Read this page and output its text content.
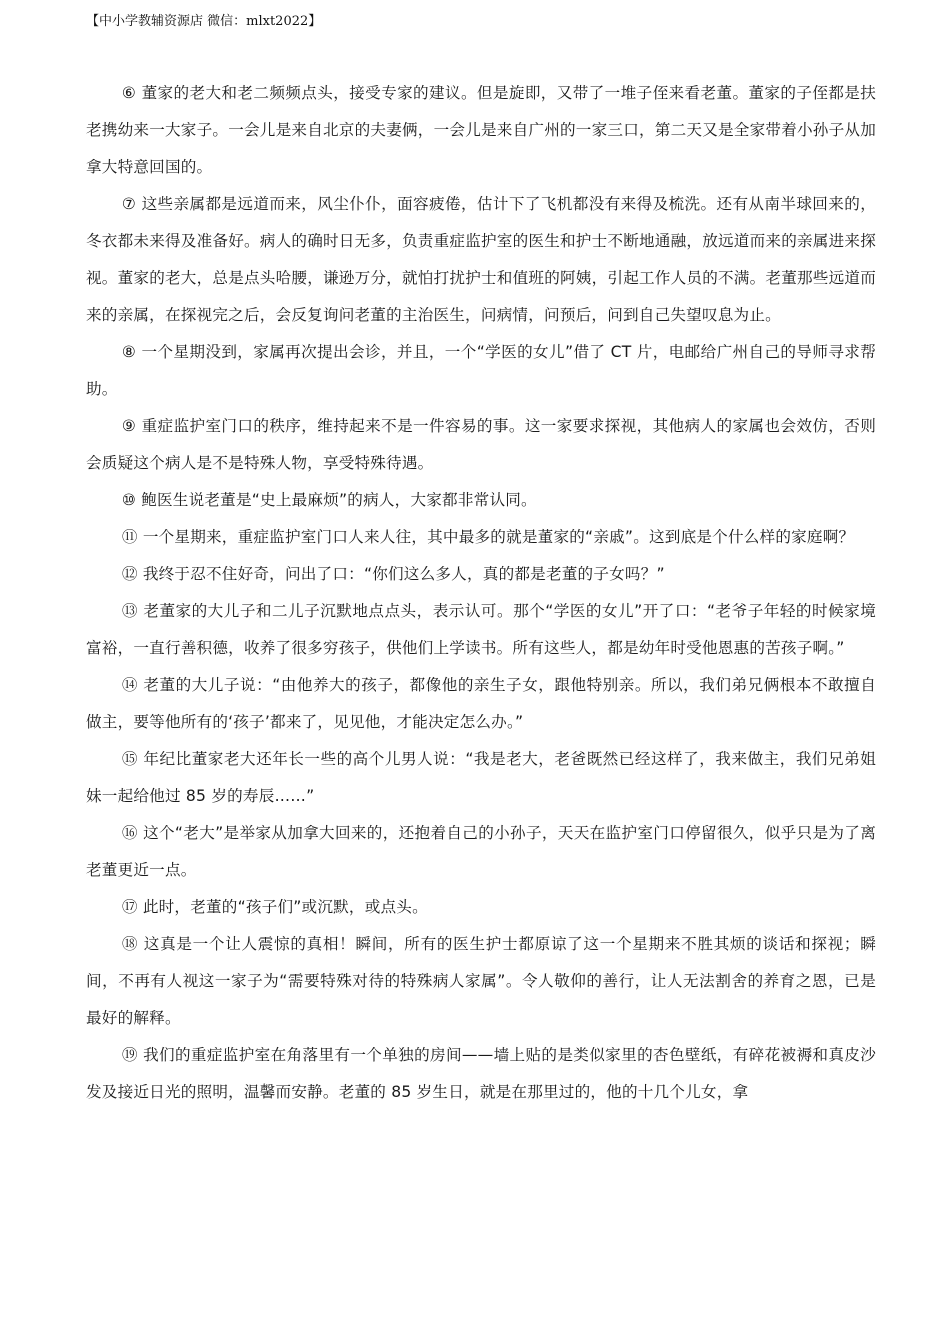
【中小学教辅资源店 微信：mlxt2022】

⑥ 董家的老大和老二频频点头，接受专家的建议。但是旋即，又带了一堆子侄来看老董。董家的子侄都是扶老携幼来一大家子。一会儿是来自北京的夫妻俩，一会儿是来自广州的一家三口，第二天又是全家带着小孙子从加拿大特意回国的。

⑦ 这些亲属都是远道而来，风尘仆仆，面容疲倦，估计下了飞机都没有来得及梳洗。还有从南半球回来的，冬衣都未来得及准备好。病人的确时日无多，负责重症监护室的医生和护士不断地通融，放远道而来的亲属进来探视。董家的老大，总是点头哈腰，谦逊万分，就怕打扰护士和值班的阿姨，引起工作人员的不满。老董那些远道而来的亲属，在探视完之后，会反复询问老董的主治医生，问病情，问预后，问到自己失望叹息为止。

⑧ 一个星期没到，家属再次提出会诊，并且，一个“学医的女儿”借了 CT 片，电邮给广州自己的导师寻求帮助。

⑨ 重症监护室门口的秩序，维持起来不是一件容易的事。这一家要求探视，其他病人的家属也会效仿，否则会质疑这个病人是不是特殊人物，享受特殊待遇。

⑩ 鲍医生说老董是“史上最麻烦”的病人，大家都非常认同。

⑪ 一个星期来，重症监护室门口人来人往，其中最多的就是董家的“亲戚”。这到底是个什么样的家庭啊？

⑫ 我终于忍不住好奇，问出了口：“你们这么多人，真的都是老董的子女吗？”

⑬ 老董家的大儿子和二儿子沉默地点点头，表示认可。那个“学医的女儿”开了口：“老爷子年轻的时候家境富裕，一直行善积德，收养了很多穷孩子，供他们上学读书。所有这些人，都是幼年时受他恩惠的苦孩子啊。”

⑭ 老董的大儿子说：“由他养大的孩子，都像他的亲生子女，跟他特别亲。所以，我们弟兄俩根本不敢擅自做主，要等他所有的‘孩子’都来了，见见他，才能决定怎么办。”

⑮ 年纪比董家老大还年长一些的高个儿男人说：“我是老大，老爸既然已经这样了，我来做主，我们兄弟姐妹一起给他过 85 岁的寿辰……”

⑯ 这个“老大”是举家从加拿大回来的，还抱着自己的小孙子，天天在监护室门口停留很久，似乎只是为了离老董更近一点。

⑰ 此时，老董的“孩子们”或沉默，或点头。

⑱ 这真是一个让人震惊的真相！瞬间，所有的医生护士都原谅了这一个星期来不胜其烦的谈话和探视；瞬间，不再有人视这一家子为“需要特殊对待的特殊病人家属”。令人敬仰的善行，让人无法割舍的养育之恩，已是最好的解释。

⑲ 我们的重症监护室在角落里有一个单独的房间——墙上贴的是类似家里的杏色壁纸，有碎花被褥和真皮沙发及接近日光的照明，温馨而安静。老董的 85 岁生日，就是在那里过的，他的十几个儿女，拿
